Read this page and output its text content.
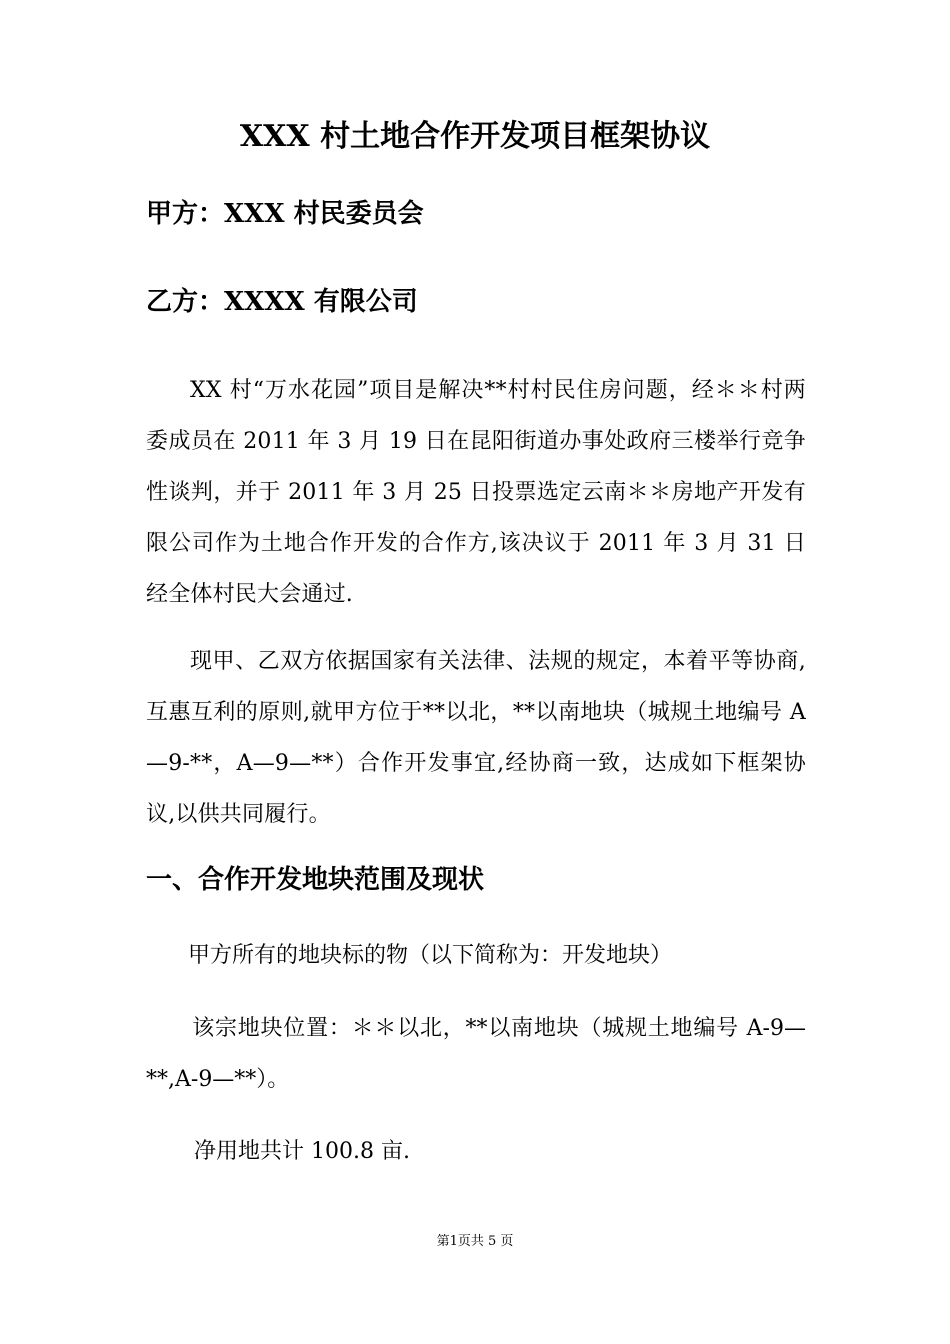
XXX 村土地合作开发项目框架协议

甲方：XXX 村民委员会

乙方：XXXX 有限公司

XX 村“万水花园”项目是解决**村村民住房问题，经＊＊村两委成员在 2011 年 3 月 19 日在昆阳街道办事处政府三楼举行竞争性谈判，并于 2011 年 3 月 25 日投票选定云南＊＊房地产开发有限公司作为土地合作开发的合作方,该决议于 2011 年 3 月 31 日经全体村民大会通过.

现甲、乙双方依据国家有关法律、法规的规定，本着平等协商,互惠互利的原则,就甲方位于**以北，**以南地块（城规土地编号 A—9-**，A—9—**）合作开发事宜,经协商一致，达成如下框架协议,以供共同履行。

一、合作开发地块范围及现状

甲方所有的地块标的物（以下简称为：开发地块）

该宗地块位置：＊＊以北，**以南地块（城规土地编号 A-9—**,A-9—**）。

净用地共计 100.8 亩.

第1页共 5 页
